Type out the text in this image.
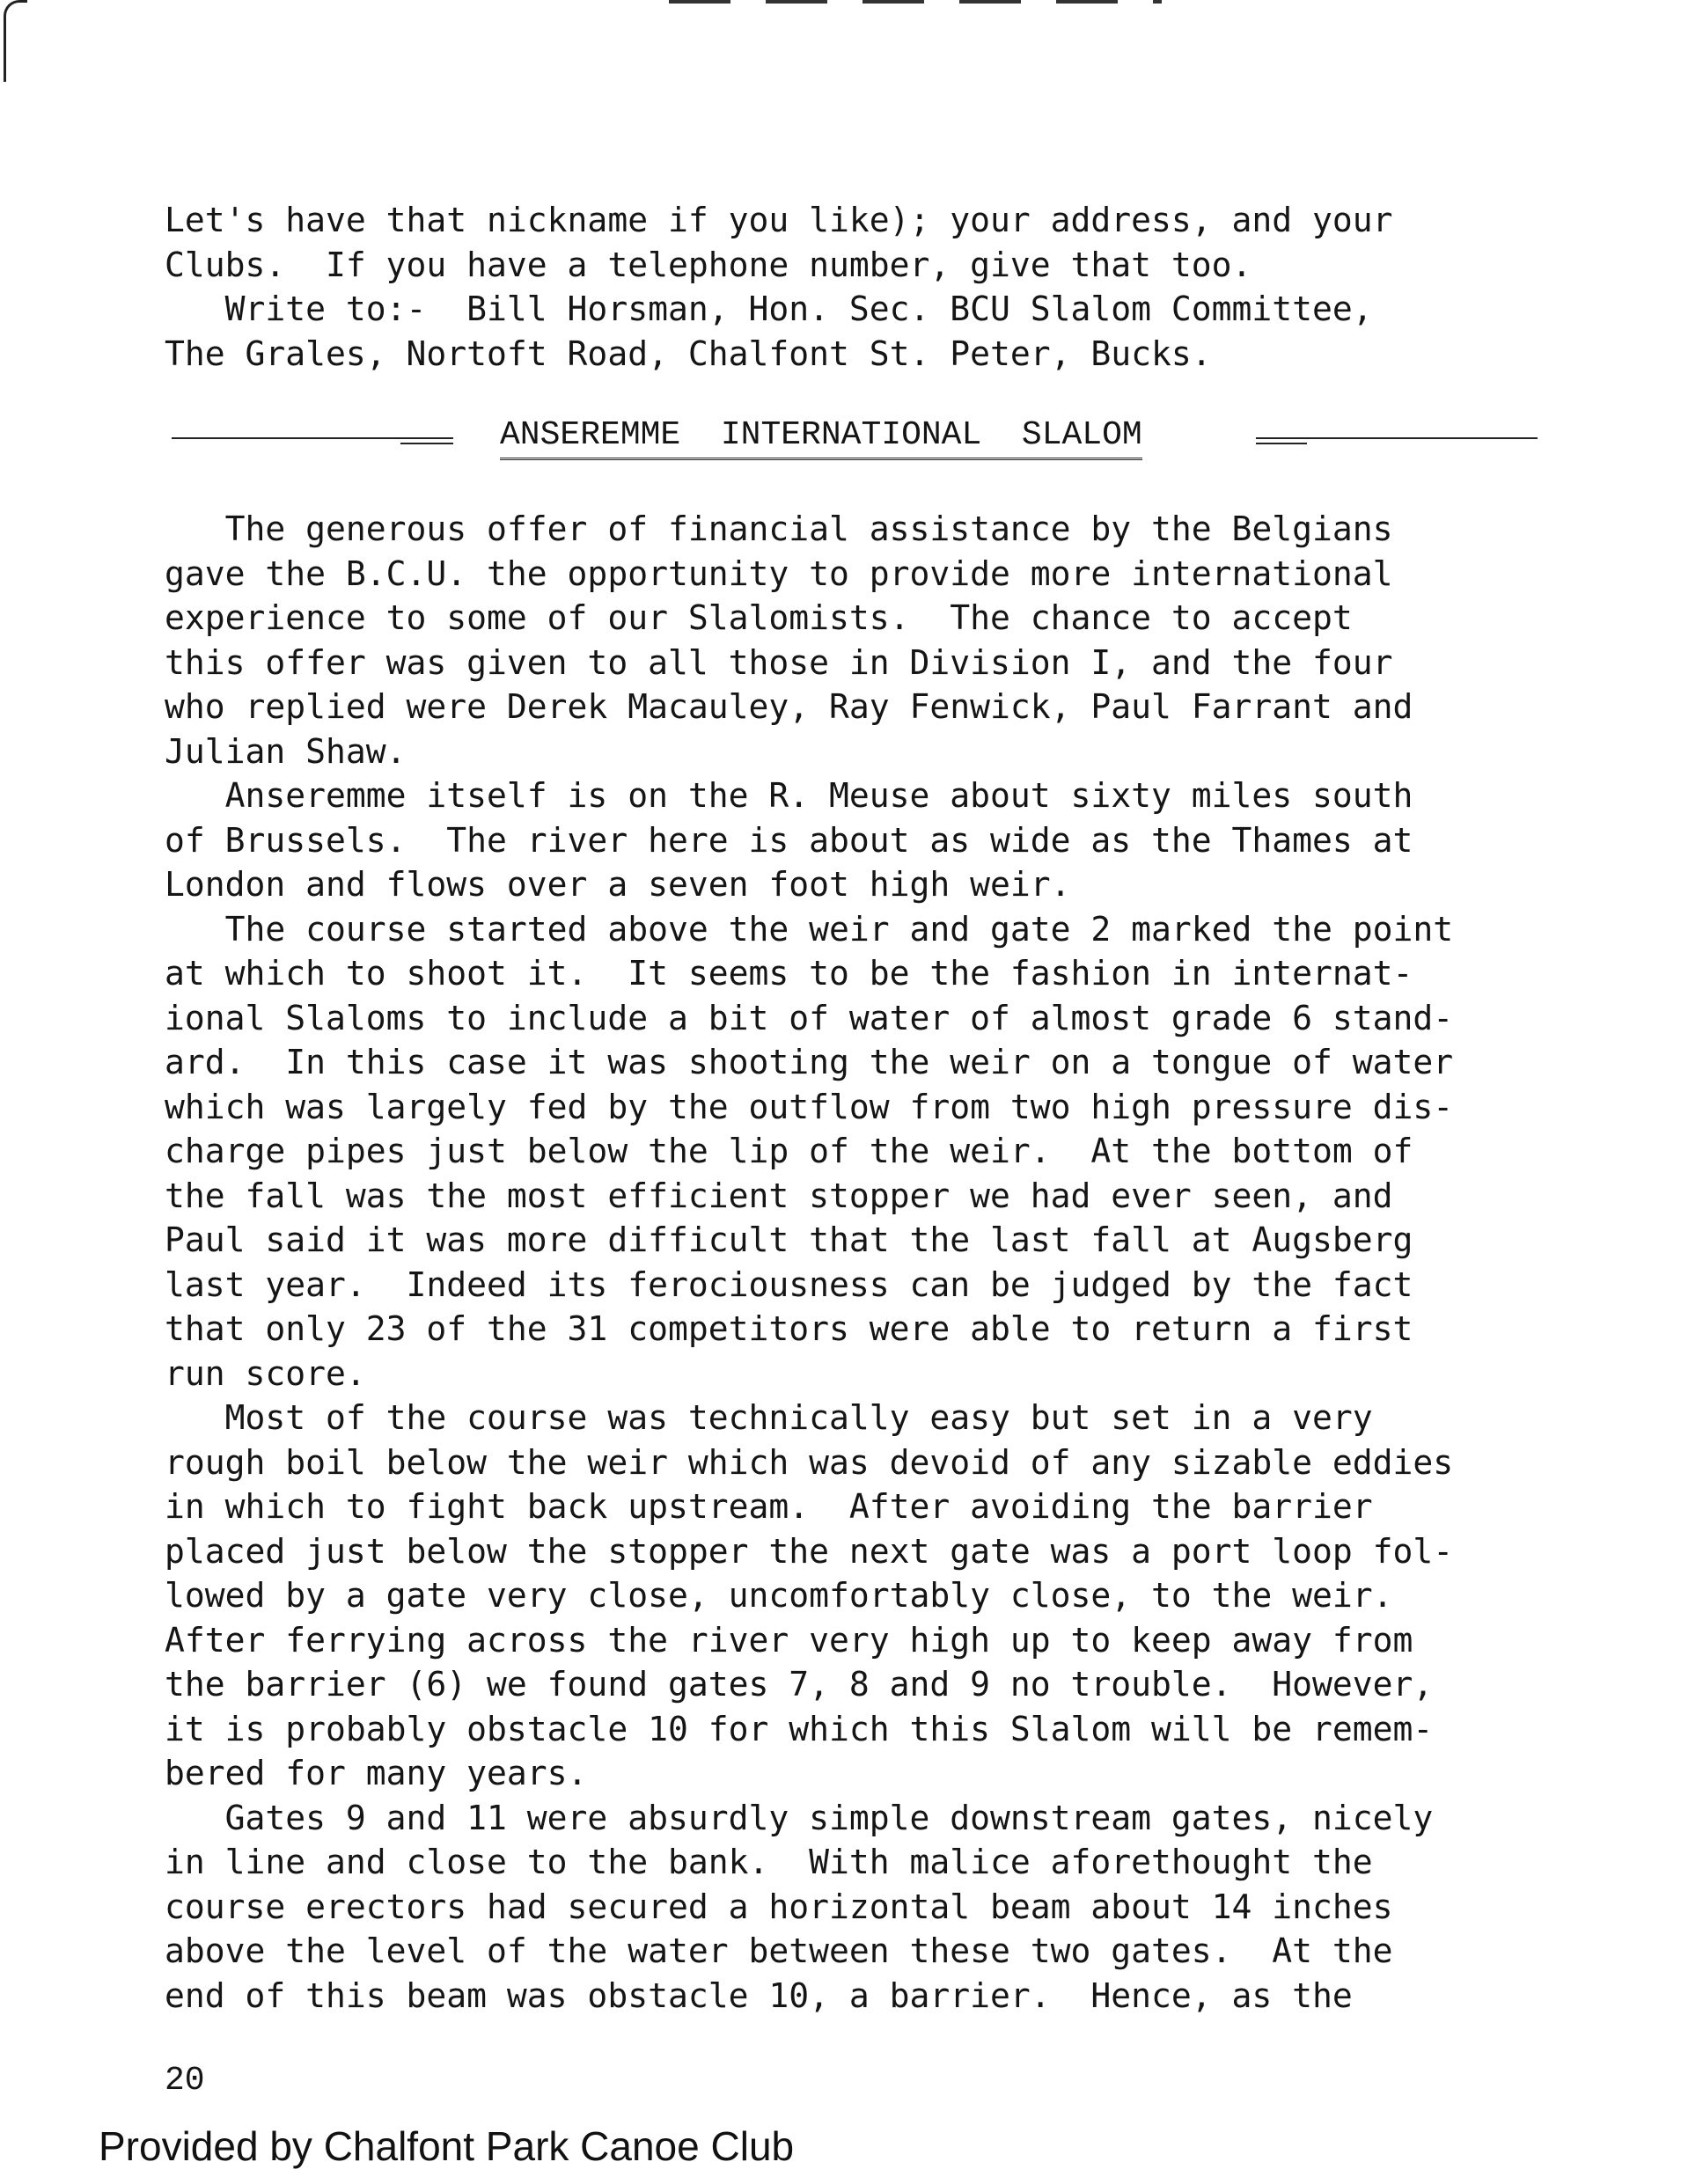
Let's have that nickname if you like); your address, and your
Clubs.  If you have a telephone number, give that too.
Write to:-  Bill Horsman, Hon. Sec. BCU Slalom Committee,
The Grales, Nortoft Road, Chalfont St. Peter, Bucks.
ANSEREMME  INTERNATIONAL  SLALOM
The generous offer of financial assistance by the Belgians
gave the B.C.U. the opportunity to provide more international
experience to some of our Slalomists.  The chance to accept
this offer was given to all those in Division I, and the four
who replied were Derek Macauley, Ray Fenwick, Paul Farrant and
Julian Shaw.
Anseremme itself is on the R. Meuse about sixty miles south
of Brussels.  The river here is about as wide as the Thames at
London and flows over a seven foot high weir.
The course started above the weir and gate 2 marked the point
at which to shoot it.  It seems to be the fashion in internat-
ional Slaloms to include a bit of water of almost grade 6 stand-
ard.  In this case it was shooting the weir on a tongue of water
which was largely fed by the outflow from two high pressure dis-
charge pipes just below the lip of the weir.  At the bottom of
the fall was the most efficient stopper we had ever seen, and
Paul said it was more difficult that the last fall at Augsberg
last year.  Indeed its ferociousness can be judged by the fact
that only 23 of the 31 competitors were able to return a first
run score.
Most of the course was technically easy but set in a very
rough boil below the weir which was devoid of any sizable eddies
in which to fight back upstream.  After avoiding the barrier
placed just below the stopper the next gate was a port loop fol-
lowed by a gate very close, uncomfortably close, to the weir.
After ferrying across the river very high up to keep away from
the barrier (6) we found gates 7, 8 and 9 no trouble.  However,
it is probably obstacle 10 for which this Slalom will be remem-
bered for many years.
Gates 9 and 11 were absurdly simple downstream gates, nicely
in line and close to the bank.  With malice aforethought the
course erectors had secured a horizontal beam about 14 inches
above the level of the water between these two gates.  At the
end of this beam was obstacle 10, a barrier.  Hence, as the
20
Provided by Chalfont Park Canoe Club
